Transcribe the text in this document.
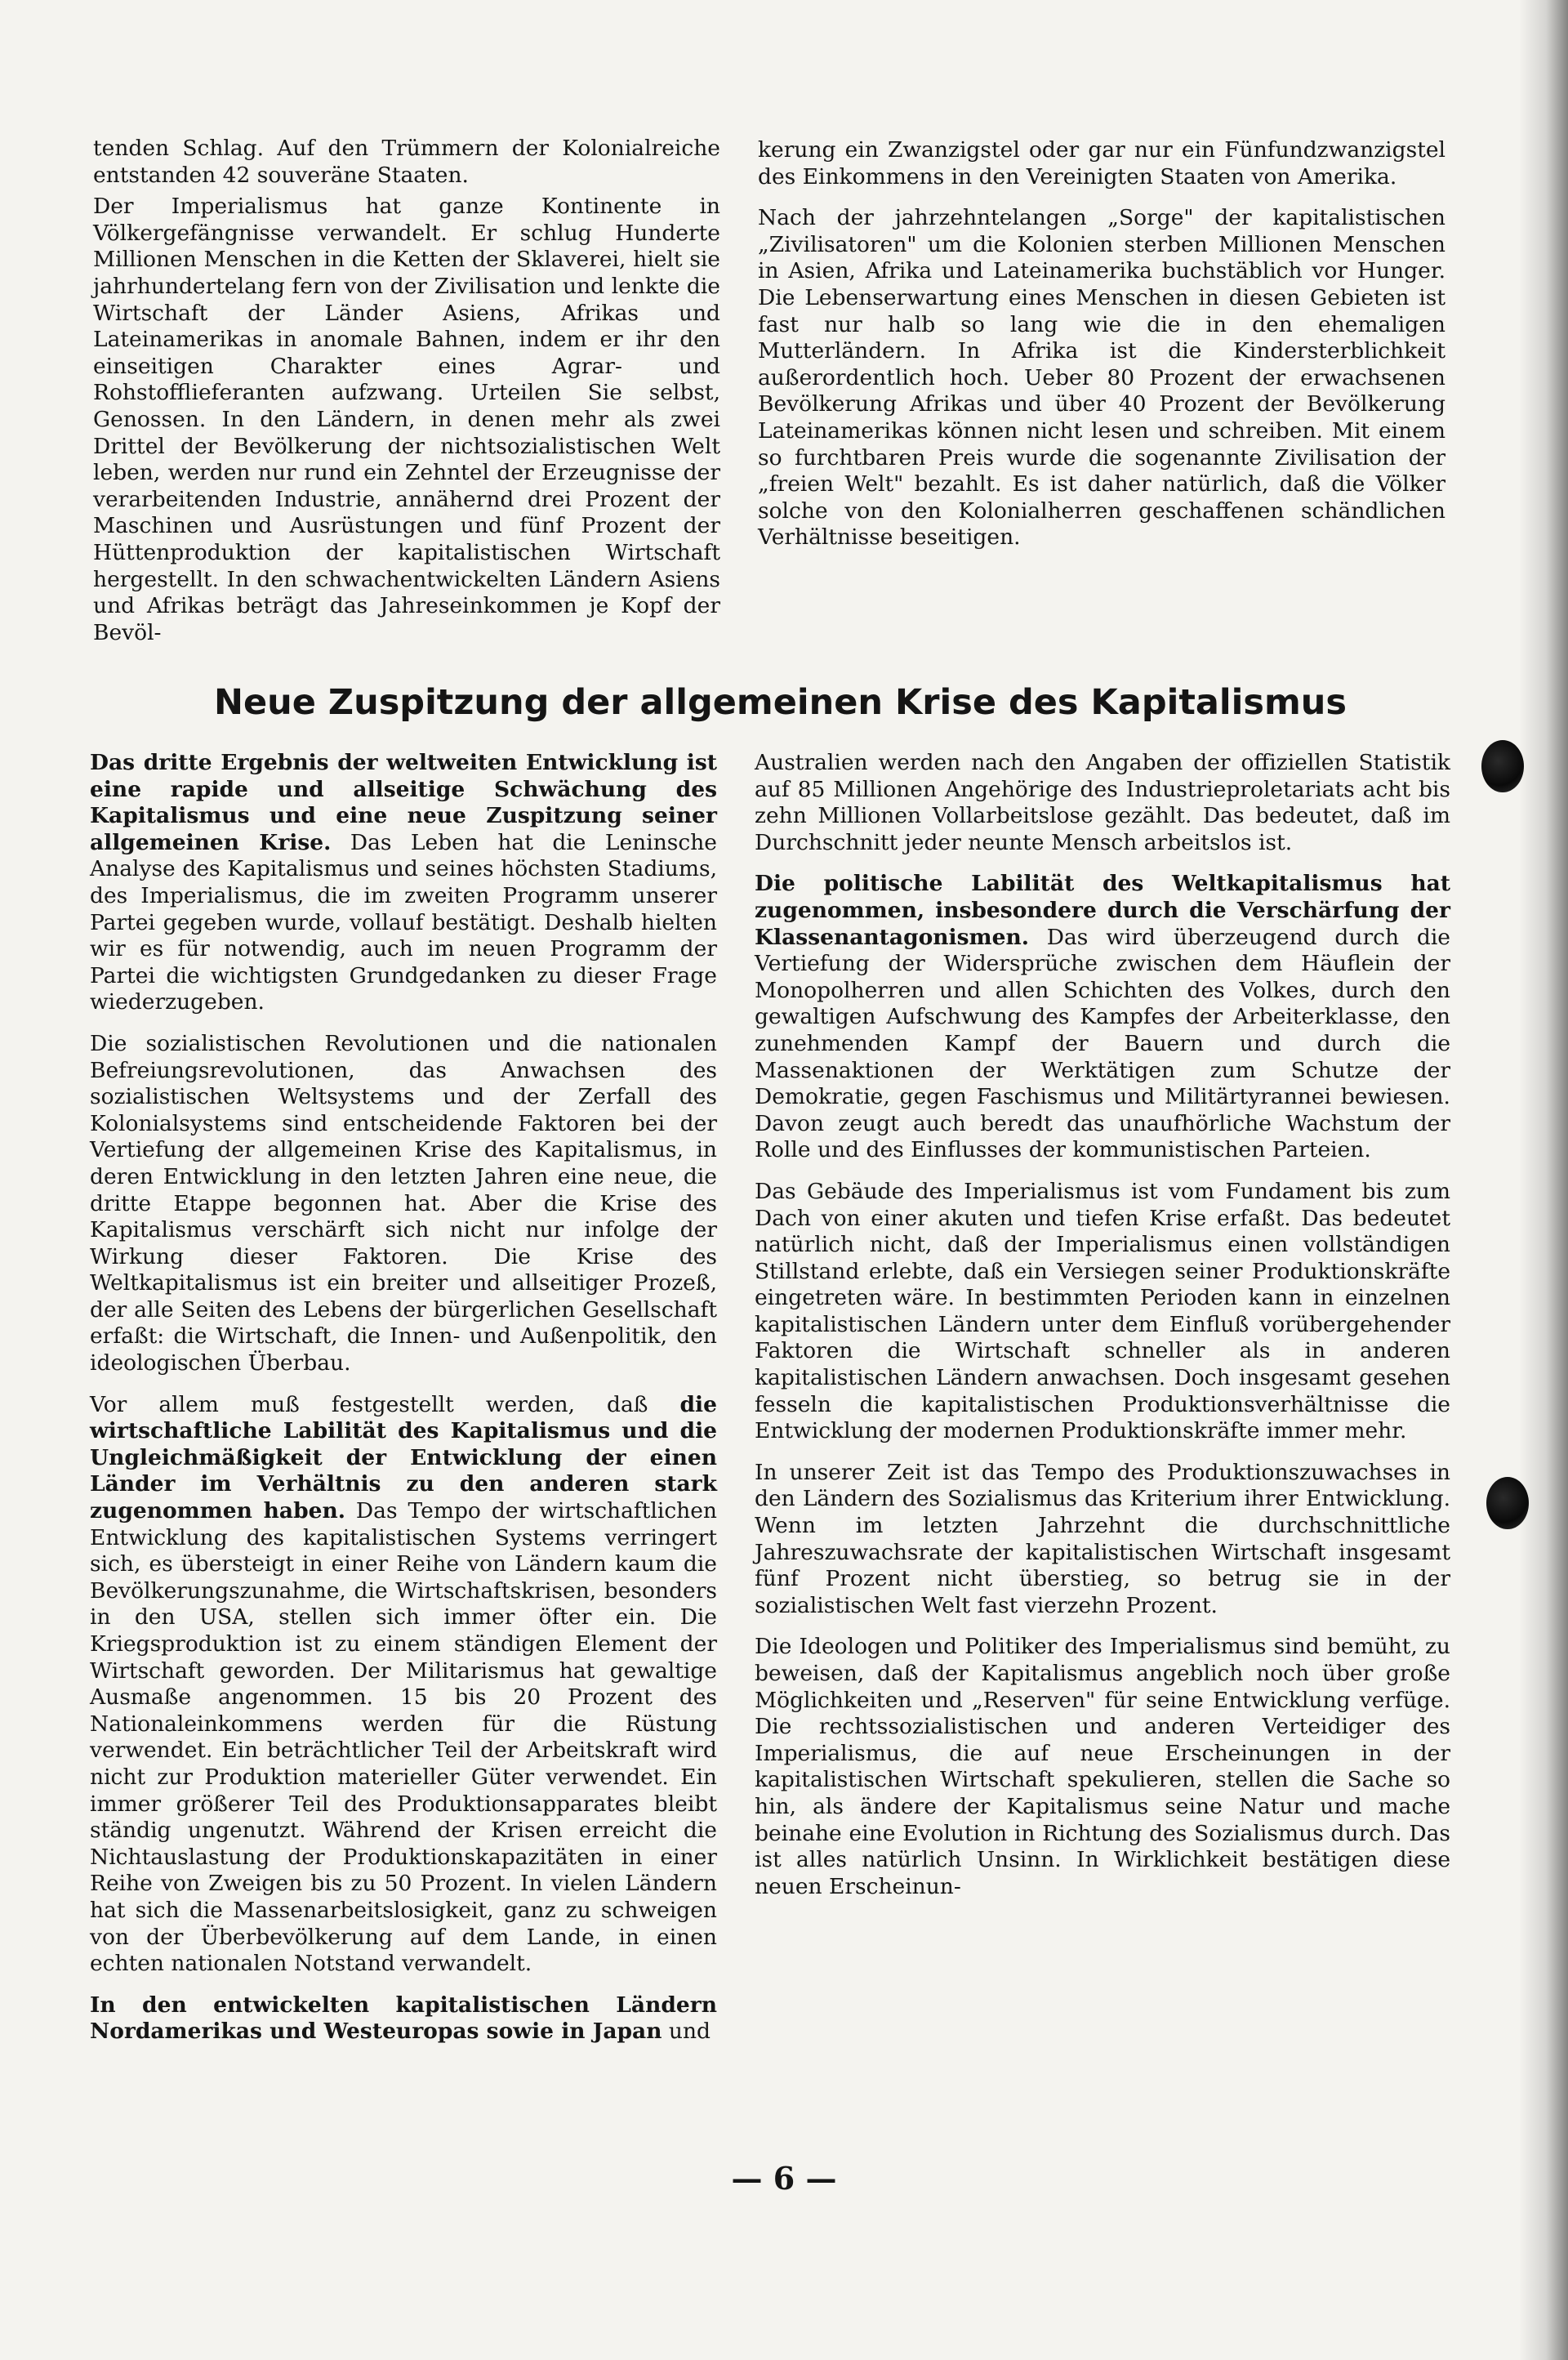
tenden Schlag. Auf den Trümmern der Kolonialreiche entstanden 42 souveräne Staaten.

Der Imperialismus hat ganze Kontinente in Völkergefängnisse verwandelt. Er schlug Hunderte Millionen Menschen in die Ketten der Sklaverei, hielt sie jahrhundertelang fern von der Zivilisation und lenkte die Wirtschaft der Länder Asiens, Afrikas und Lateinamerikas in anomale Bahnen, indem er ihr den einseitigen Charakter eines Agrar- und Rohstofflieferanten aufzwang. Urteilen Sie selbst, Genossen. In den Ländern, in denen mehr als zwei Drittel der Bevölkerung der nichtsozialistischen Welt leben, werden nur rund ein Zehntel der Erzeugnisse der verarbeitenden Industrie, annähernd drei Prozent der Maschinen und Ausrüstungen und fünf Prozent der Hüttenproduktion der kapitalistischen Wirtschaft hergestellt. In den schwachentwickelten Ländern Asiens und Afrikas beträgt das Jahreseinkommen je Kopf der Bevöl-

kerung ein Zwanzigstel oder gar nur ein Fünfundzwanzigstel des Einkommens in den Vereinigten Staaten von Amerika.

Nach der jahrzehntelangen „Sorge" der kapitalistischen „Zivilisatoren" um die Kolonien sterben Millionen Menschen in Asien, Afrika und Lateinamerika buchstäblich vor Hunger. Die Lebenserwartung eines Menschen in diesen Gebieten ist fast nur halb so lang wie die in den ehemaligen Mutterländern. In Afrika ist die Kindersterblichkeit außerordentlich hoch. Ueber 80 Prozent der erwachsenen Bevölkerung Afrikas und über 40 Prozent der Bevölkerung Lateinamerikas können nicht lesen und schreiben. Mit einem so furchtbaren Preis wurde die sogenannte Zivilisation der „freien Welt" bezahlt. Es ist daher natürlich, daß die Völker solche von den Kolonialherren geschaffenen schändlichen Verhältnisse beseitigen.

Neue Zuspitzung der allgemeinen Krise des Kapitalismus

Das dritte Ergebnis der weltweiten Entwicklung ist eine rapide und allseitige Schwächung des Kapitalismus und eine neue Zuspitzung seiner allgemeinen Krise. Das Leben hat die Leninsche Analyse des Kapitalismus und seines höchsten Stadiums, des Imperialismus, die im zweiten Programm unserer Partei gegeben wurde, vollauf bestätigt. Deshalb hielten wir es für notwendig, auch im neuen Programm der Partei die wichtigsten Grundgedanken zu dieser Frage wiederzugeben.

Die sozialistischen Revolutionen und die nationalen Befreiungsrevolutionen, das Anwachsen des sozialistischen Weltsystems und der Zerfall des Kolonialsystems sind entscheidende Faktoren bei der Vertiefung der allgemeinen Krise des Kapitalismus, in deren Entwicklung in den letzten Jahren eine neue, die dritte Etappe begonnen hat. Aber die Krise des Kapitalismus verschärft sich nicht nur infolge der Wirkung dieser Faktoren. Die Krise des Weltkapitalismus ist ein breiter und allseitiger Prozeß, der alle Seiten des Lebens der bürgerlichen Gesellschaft erfaßt: die Wirtschaft, die Innen- und Außenpolitik, den ideologischen Überbau.

Vor allem muß festgestellt werden, daß die wirtschaftliche Labilität des Kapitalismus und die Ungleichmäßigkeit der Entwicklung der einen Länder im Verhältnis zu den anderen stark zugenommen haben. Das Tempo der wirtschaftlichen Entwicklung des kapitalistischen Systems verringert sich, es übersteigt in einer Reihe von Ländern kaum die Bevölkerungszunahme, die Wirtschaftskrisen, besonders in den USA, stellen sich immer öfter ein. Die Kriegsproduktion ist zu einem ständigen Element der Wirtschaft geworden. Der Militarismus hat gewaltige Ausmaße angenommen. 15 bis 20 Prozent des Nationaleinkommens werden für die Rüstung verwendet. Ein beträchtlicher Teil der Arbeitskraft wird nicht zur Produktion materieller Güter verwendet. Ein immer größerer Teil des Produktionsapparates bleibt ständig ungenutzt. Während der Krisen erreicht die Nichtauslastung der Produktionskapazitäten in einer Reihe von Zweigen bis zu 50 Prozent. In vielen Ländern hat sich die Massenarbeitslosigkeit, ganz zu schweigen von der Überbevölkerung auf dem Lande, in einen echten nationalen Notstand verwandelt.

In den entwickelten kapitalistischen Ländern Nordamerikas und Westeuropas sowie in Japan und

Australien werden nach den Angaben der offiziellen Statistik auf 85 Millionen Angehörige des Industrieproletariats acht bis zehn Millionen Vollarbeitslose gezählt. Das bedeutet, daß im Durchschnitt jeder neunte Mensch arbeitslos ist.

Die politische Labilität des Weltkapitalismus hat zugenommen, insbesondere durch die Verschärfung der Klassenantagonismen. Das wird überzeugend durch die Vertiefung der Widersprüche zwischen dem Häuflein der Monopolherren und allen Schichten des Volkes, durch den gewaltigen Aufschwung des Kampfes der Arbeiterklasse, den zunehmenden Kampf der Bauern und durch die Massenaktionen der Werktätigen zum Schutze der Demokratie, gegen Faschismus und Militärtyrannei bewiesen. Davon zeugt auch beredt das unaufhörliche Wachstum der Rolle und des Einflusses der kommunistischen Parteien.

Das Gebäude des Imperialismus ist vom Fundament bis zum Dach von einer akuten und tiefen Krise erfaßt. Das bedeutet natürlich nicht, daß der Imperialismus einen vollständigen Stillstand erlebte, daß ein Versiegen seiner Produktionskräfte eingetreten wäre. In bestimmten Perioden kann in einzelnen kapitalistischen Ländern unter dem Einfluß vorübergehender Faktoren die Wirtschaft schneller als in anderen kapitalistischen Ländern anwachsen. Doch insgesamt gesehen fesseln die kapitalistischen Produktionsverhältnisse die Entwicklung der modernen Produktionskräfte immer mehr.

In unserer Zeit ist das Tempo des Produktionszuwachses in den Ländern des Sozialismus das Kriterium ihrer Entwicklung. Wenn im letzten Jahrzehnt die durchschnittliche Jahreszuwachsrate der kapitalistischen Wirtschaft insgesamt fünf Prozent nicht überstieg, so betrug sie in der sozialistischen Welt fast vierzehn Prozent.

Die Ideologen und Politiker des Imperialismus sind bemüht, zu beweisen, daß der Kapitalismus angeblich noch über große Möglichkeiten und „Reserven" für seine Entwicklung verfüge. Die rechtssozialistischen und anderen Verteidiger des Imperialismus, die auf neue Erscheinungen in der kapitalistischen Wirtschaft spekulieren, stellen die Sache so hin, als ändere der Kapitalismus seine Natur und mache beinahe eine Evolution in Richtung des Sozialismus durch. Das ist alles natürlich Unsinn. In Wirklichkeit bestätigen diese neuen Erscheinun-

— 6 —
